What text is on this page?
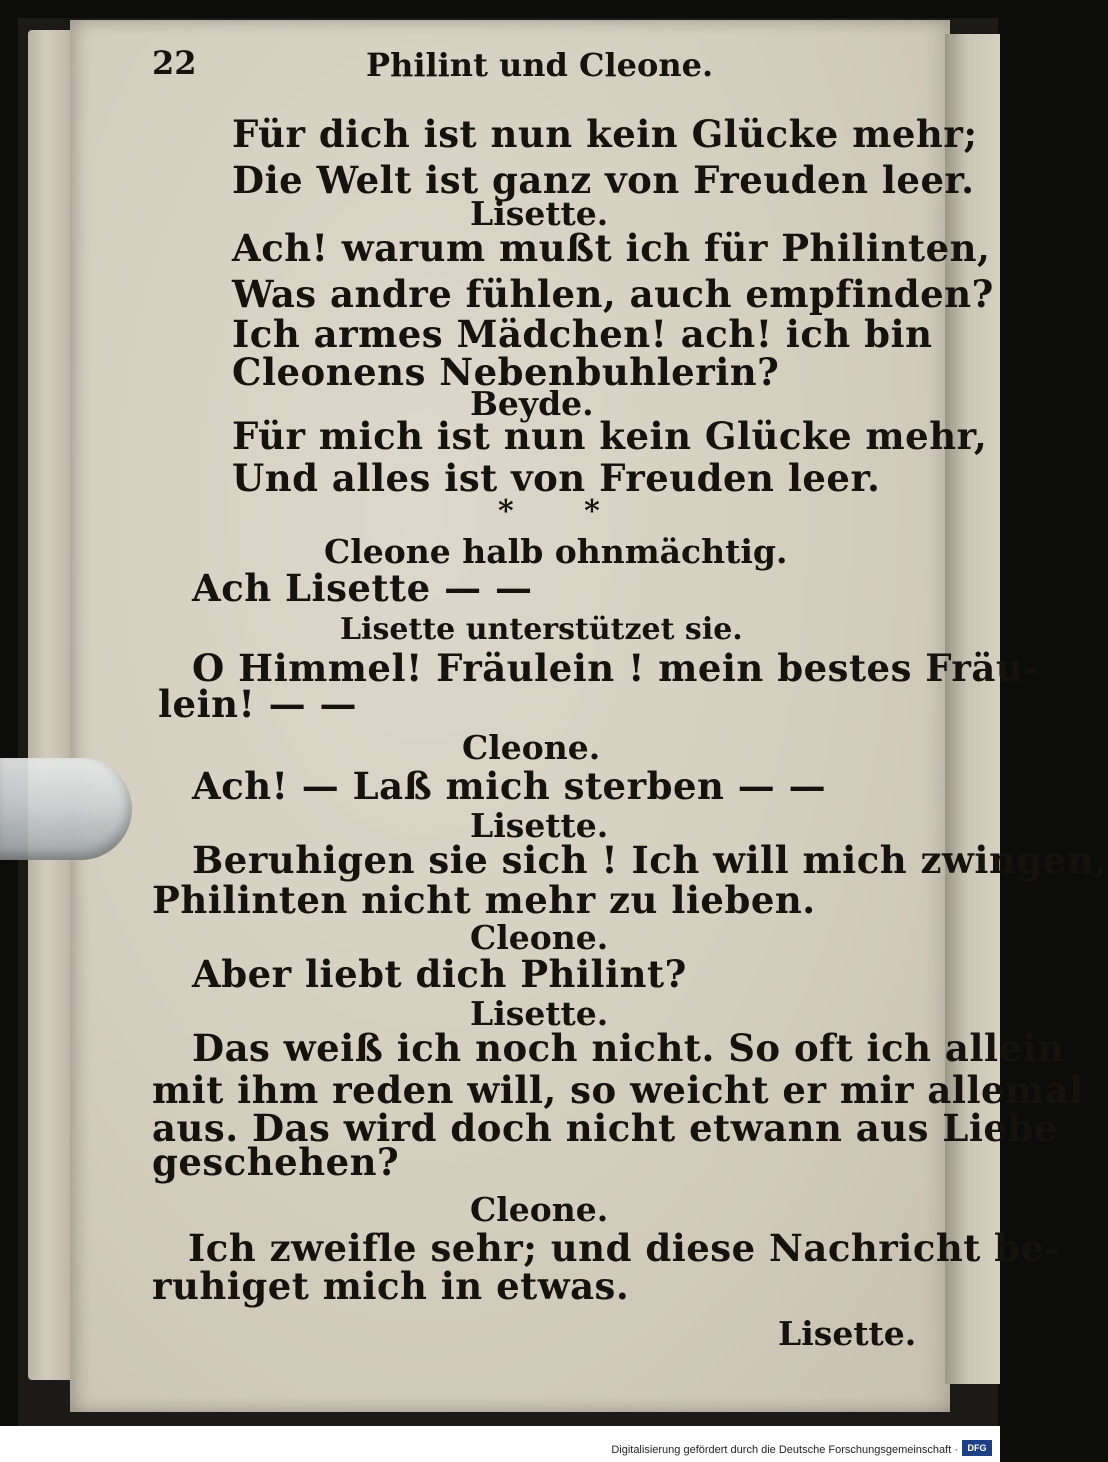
22	Philint und Cleone.
Für dich ist nun kein Glücke mehr;
Die Welt ist ganz von Freuden leer.
Lisette.
Ach! warum mußt ich für Philinten,
Was andre fühlen, auch empfinden?
Ich armes Mädchen! ach! ich bin
Cleonens Nebenbuhlerin?
Beyde.
Für mich ist nun kein Glücke mehr,
Und alles ist von Freuden leer.
* *
Cleone halb ohnmächtig.
Ach Lisette — —
Lisette unterstützet sie.
O Himmel! Fräulein ! mein bestes Fräu-
lein! — —
Cleone.
Ach! — Laß mich sterben — —
Lisette.
Beruhigen sie sich ! Ich will mich zwingen,
Philinten nicht mehr zu lieben.
Cleone.
Aber liebt dich Philint?
Lisette.
Das weiß ich noch nicht. So oft ich allein
mit ihm reden will, so weicht er mir allemal
aus. Das wird doch nicht etwann aus Liebe
geschehen?
Cleone.
Ich zweifle sehr; und diese Nachricht be-
ruhiget mich in etwas.
Lisette.
Digitalisierung gefördert durch die Deutsche Forschungsgemeinschaft ·	DFG
